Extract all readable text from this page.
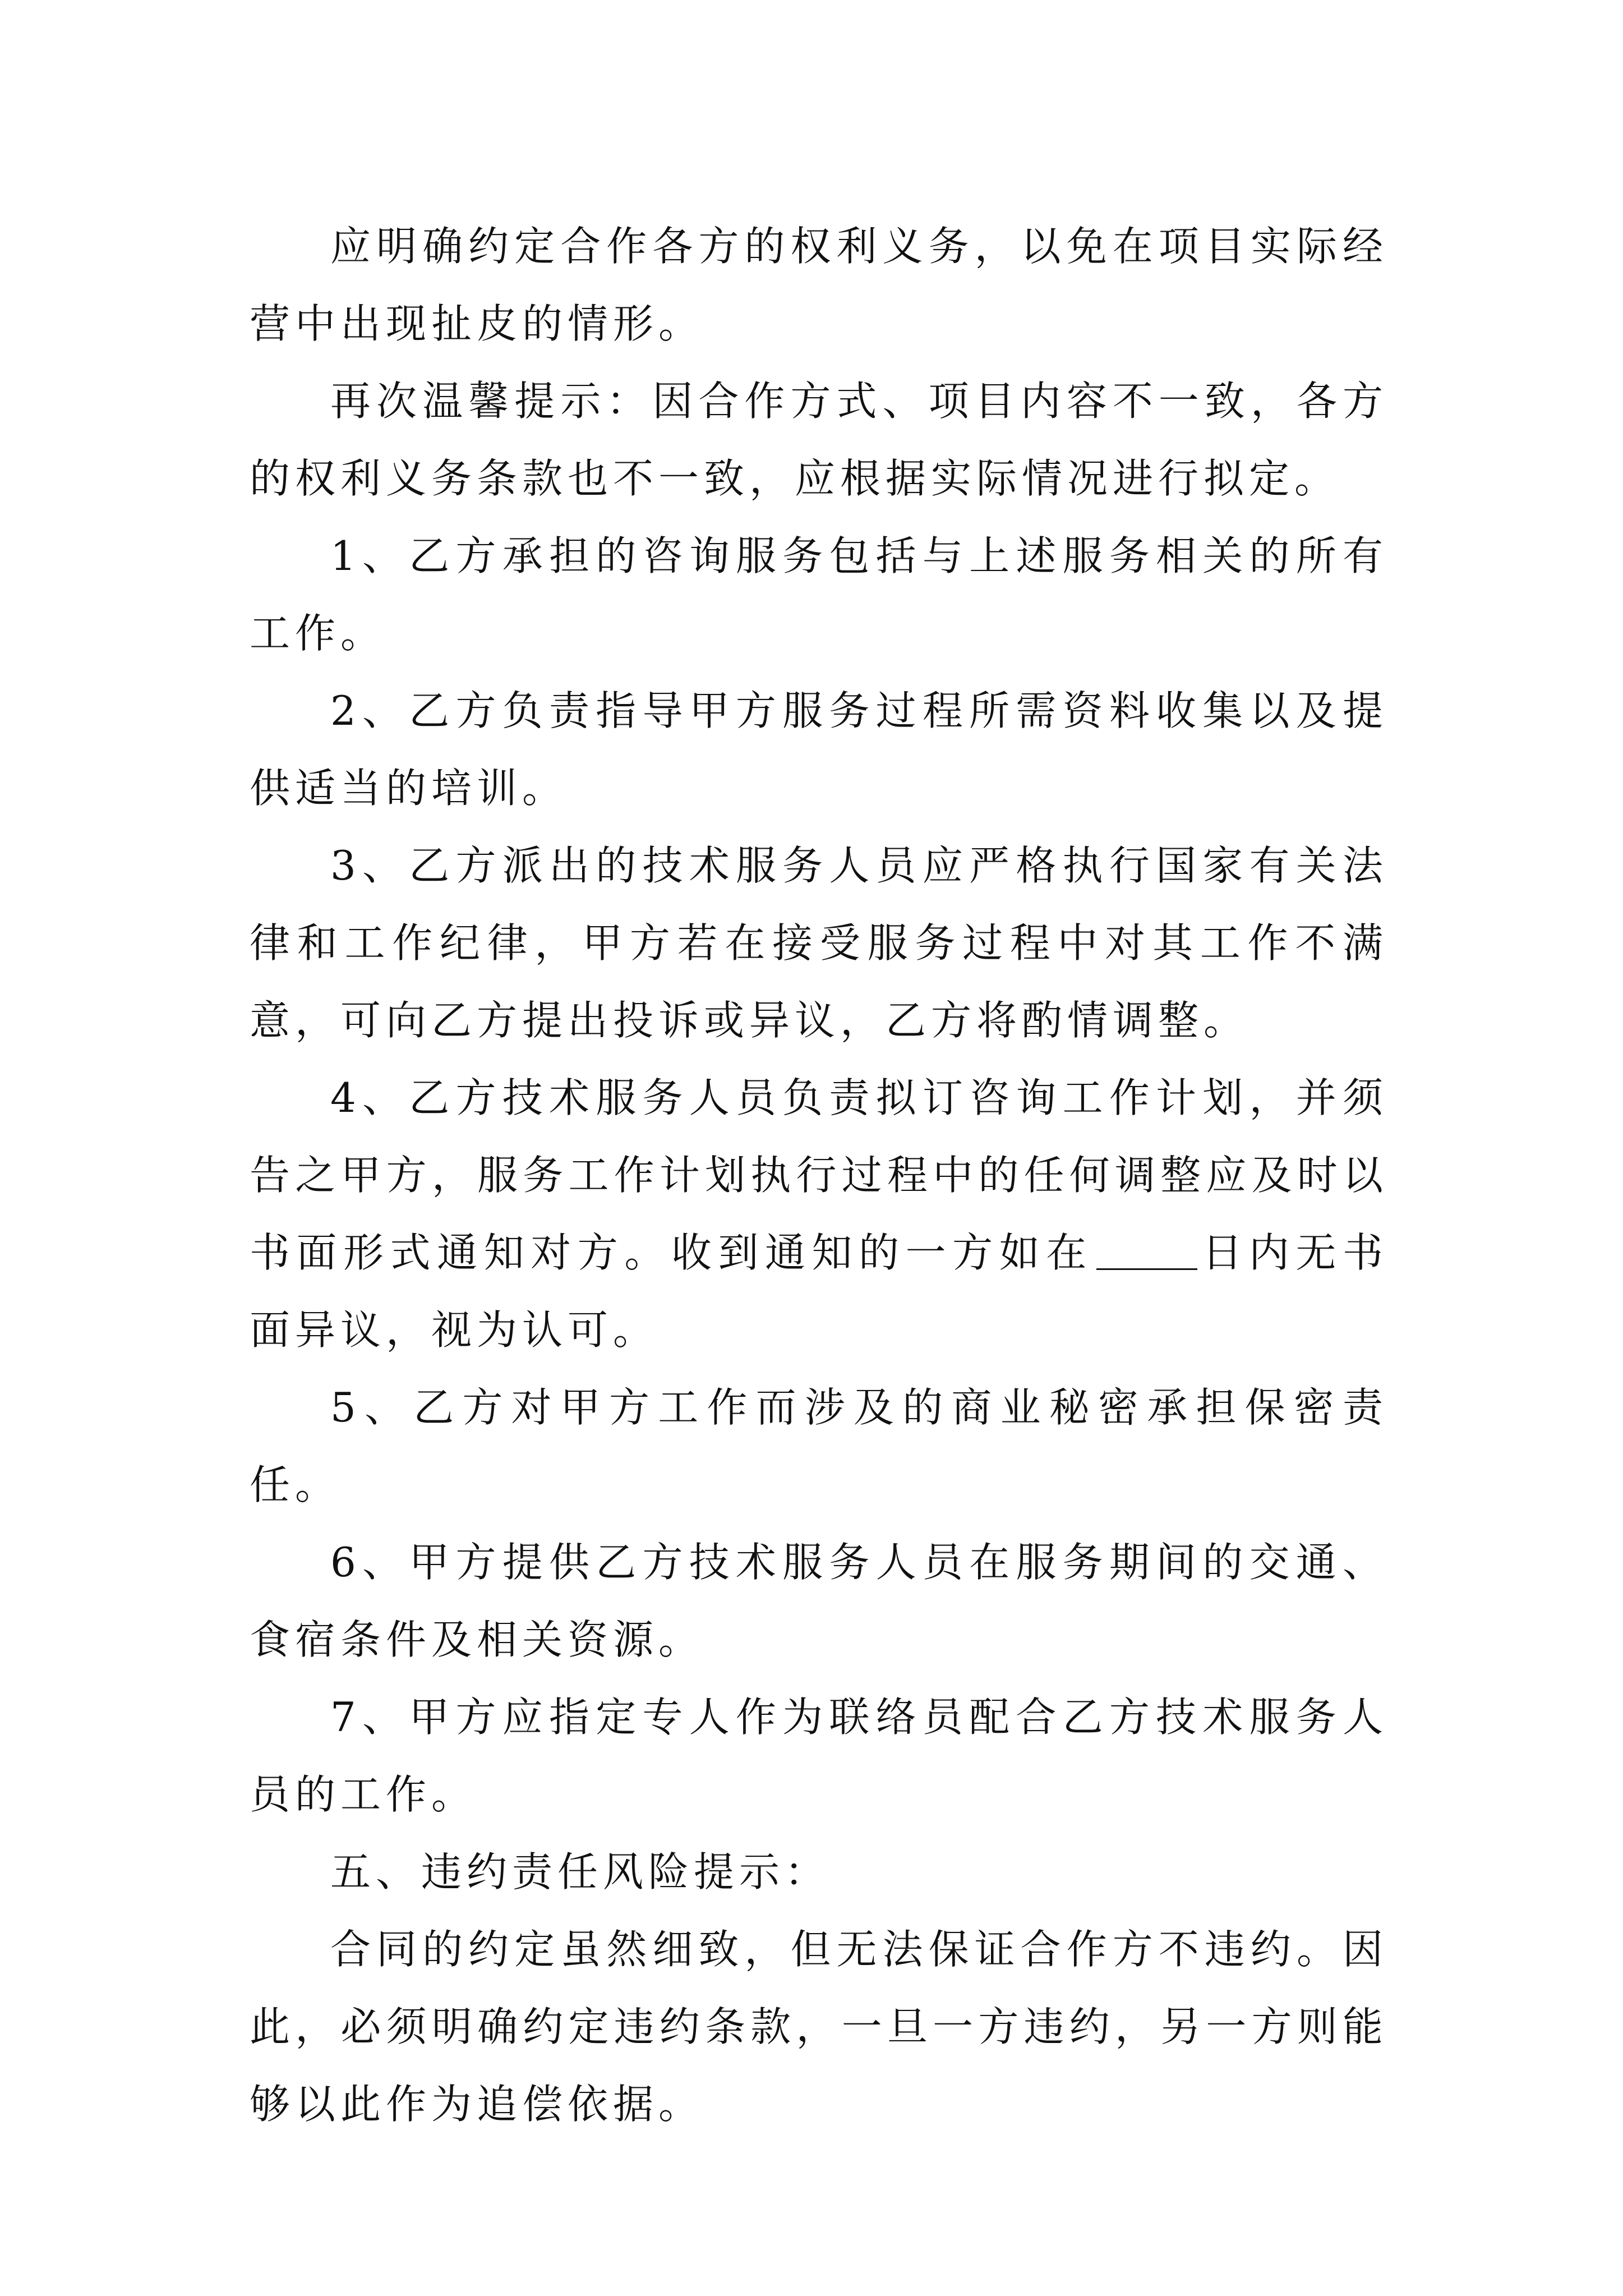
应明确约定合作各方的权利义务，以免在项目实际经营中出现扯皮的情形。

再次温馨提示：因合作方式、项目内容不一致，各方的权利义务条款也不一致，应根据实际情况进行拟定。

1、乙方承担的咨询服务包括与上述服务相关的所有工作。

2、乙方负责指导甲方服务过程所需资料收集以及提供适当的培训。

3、乙方派出的技术服务人员应严格执行国家有关法律和工作纪律，甲方若在接受服务过程中对其工作不满意，可向乙方提出投诉或异议，乙方将酌情调整。

4、乙方技术服务人员负责拟订咨询工作计划，并须告之甲方，服务工作计划执行过程中的任何调整应及时以书面形式通知对方。收到通知的一方如在	日内无书面异议，视为认可。

5、乙方对甲方工作而涉及的商业秘密承担保密责任。

6、甲方提供乙方技术服务人员在服务期间的交通、食宿条件及相关资源。

7、甲方应指定专人作为联络员配合乙方技术服务人员的工作。

五、违约责任风险提示：

合同的约定虽然细致，但无法保证合作方不违约。因此，必须明确约定违约条款，一旦一方违约，另一方则能够以此作为追偿依据。
